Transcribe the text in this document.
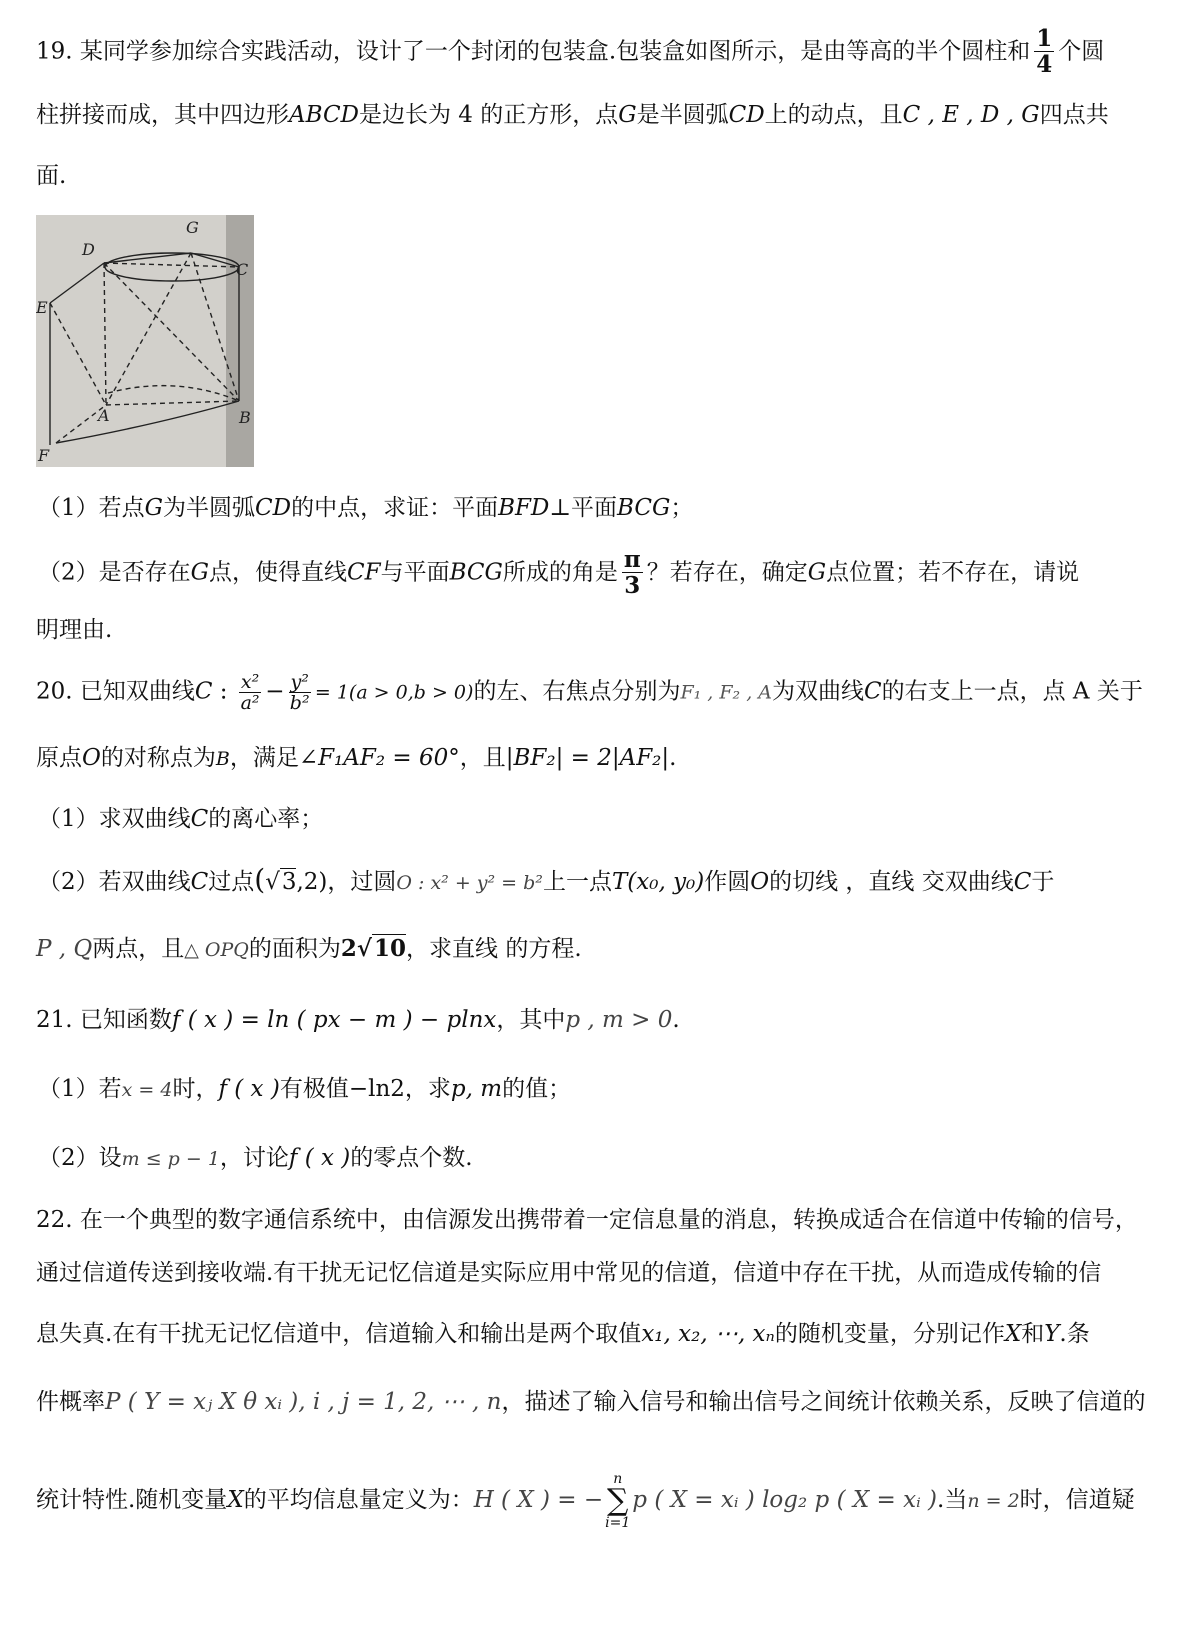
19. 某同学参加综合实践活动，设计了一个封闭的包装盒.包装盒如图所示，是由等高的半个圆柱和 $\frac{1}{4}$ 个圆
柱拼接而成，其中四边形ABCD是边长为 4 的正方形，点G是半圆弧CD上的动点，且C , E , D , G四点共
面.
G
D
C
E
A	B
F
（1）若点G为半圆弧CD的中点，求证：平面BFD⊥平面BCG；
（2）是否存在G点，使得直线CF与平面BCG所成的角是 $\frac{\pi}{3}$ ？若存在，确定G点位置；若不存在，请说
明理由.
20. 已知双曲线C : $\frac{\text{x²}}{\text{a²}} - \frac{\text{y²}}{\text{b²}} = 1(a > 0,b > 0)$的左、右焦点分别为F₁ , F₂ , A为双曲线C的右支上一点，点 A 关于
原点O的对称点为B，满足∠F₁AF₂ = 60°，且|BF₂| = 2|AF₂|.
（1）求双曲线C的离心率；
（2）若双曲线C过点(√3,2)，过圆O : x² + y² = b²上一点T(x₀, y₀)作圆O的切线 ，直线 交双曲线C于
P , Q两点，且△ OPQ的面积为2√10，求直线 的方程.
21. 已知函数f ( x ) = ln ( px − m ) − plnx，其中p , m > 0.
（1）若x = 4时，f ( x )有极值−ln2，求p, m的值；
（2）设m ≤ p − 1，讨论f ( x )的零点个数.
22. 在一个典型的数字通信系统中，由信源发出携带着一定信息量的消息，转换成适合在信道中传输的信号，
通过信道传送到接收端.有干扰无记忆信道是实际应用中常见的信道，信道中存在干扰，从而造成传输的信
息失真.在有干扰无记忆信道中，信道输入和输出是两个取值x₁, x₂, ⋯, xₙ的随机变量，分别记作X和Y.条
件概率P ( Y = xⱼ X θ xᵢ ), i , j = 1, 2, ⋯ , n，描述了输入信号和输出信号之间统计依赖关系，反映了信道的
统计特性.随机变量X的平均信息量定义为：H ( X ) = −n
∑
i=1p ( X = xᵢ ) log₂ p ( X = xᵢ ).当n = 2时，信道疑
